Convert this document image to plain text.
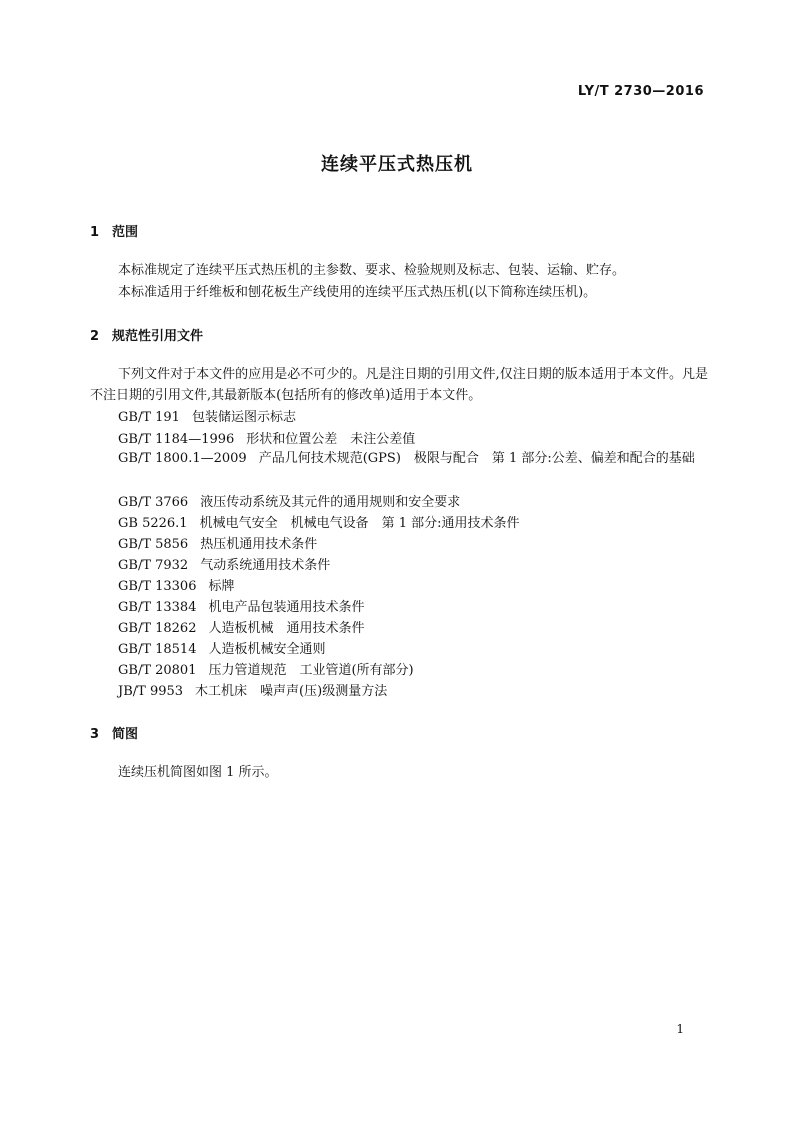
LY/T 2730—2016
连续平压式热压机
1 范围
本标准规定了连续平压式热压机的主参数、要求、检验规则及标志、包装、运输、贮存。
本标准适用于纤维板和刨花板生产线使用的连续平压式热压机(以下简称连续压机)。
2 规范性引用文件
下列文件对于本文件的应用是必不可少的。凡是注日期的引用文件,仅注日期的版本适用于本文件。凡是不注日期的引用文件,其最新版本(包括所有的修改单)适用于本文件。
GB/T 191 包装储运图示标志
GB/T 1184—1996 形状和位置公差　未注公差值
GB/T 1800.1—2009 产品几何技术规范(GPS)　极限与配合　第 1 部分:公差、偏差和配合的基础
GB/T 3766 液压传动系统及其元件的通用规则和安全要求
GB 5226.1 机械电气安全　机械电气设备　第 1 部分:通用技术条件
GB/T 5856 热压机通用技术条件
GB/T 7932 气动系统通用技术条件
GB/T 13306 标牌
GB/T 13384 机电产品包装通用技术条件
GB/T 18262 人造板机械　通用技术条件
GB/T 18514 人造板机械安全通则
GB/T 20801 压力管道规范　工业管道(所有部分)
JB/T 9953 木工机床　噪声声(压)级测量方法
3 简图
连续压机简图如图 1 所示。
1
